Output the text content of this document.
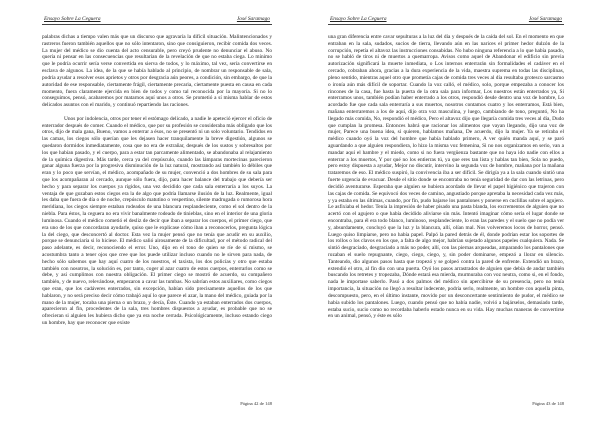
Ensayo Sobre La Ceguera	José Saramago

palabras dichas a tiempo valen más que un discurso que agravaría la difícil situación. Malintencionados y rastreros fueron también aquellos que no sólo intentaron, sino que consiguieron, recibir comida dos veces. La mujer del médico se dio cuenta del acto censurable, pero creyó prudente no denunciar el abuso. No quería ni pensar en las consecuencias que resultarían de la revelación de que no estaba ciega. Lo mínimo que le podría ocurrir sería verse convertida en sierva de todos, y lo máximo, tal vez, sería convertirse en esclava de algunos. La idea, de la que se había hablado al principio, de nombrar un responsable de sala, podría ayudar a resolver esos aprietos y otros por desgracia aún peores, a condición, sin embargo, de que la autoridad de ese responsable, ciertamente frágil, ciertamente precaria, ciertamente puesta en causa en cada momento, fuera claramente ejercida en bien de todos y como tal reconocida por la mayoría. Si no lo conseguimos, pensó, acabaremos por matarnos aquí unos a otros. Se prometió a sí misma hablar de estos delicados asuntos con el marido, y continuó repartiendo las raciones.

Unos por indolencia, otros por tener el estómago delicado, a nadie le apeteció ejercer el oficio de enterrador después de comer. Cuando el médico, que por su profesión se consideraba más obligado que los otros, dijo de mala gana, Bueno, vamos a enterrar a ésos, no se presentó ni un solo voluntario. Tendidos en las camas, los ciegos sólo querían que les dejasen hacer tranquilamente la breve digestión, algunos se quedaron dormidos inmediatamente, cosa que no era de extrañar, después de los sustos y sobresaltos por los que habían pasado, y el cuerpo, para a estar tan parcamente alimentado, se abandonaba al relajamiento de la química digestiva. Más tarde, cerca ya del crepúsculo, cuando las lámparas mortecinas parecieron ganar alguna fuerza por la progresiva disminución de la luz natural, mostrando así también lo débiles que eran y lo poco que servían, el médico, acompañado de su mujer, convenció a dos hombres de su sala para que los acompañaran al cercado, aunque sólo fuera, dijo, para hacer balance del trabajo que debería ser hecho y para separar los cuerpos ya rígidos, una vez decidido que cada sala enterraría a los suyos. La ventaja de que gozaban estos ciegos era la de algo que podría llamarse ilusión de la luz. Realmente, igual les daba que fuera de día o de noche, crepúsculo matutino o vespertino, silente madrugada o rumorosa hora meridiana, los ciegos siempre estaban rodeados de una blancura resplandeciente, como el sol dentro de la niebla. Para éstos, la ceguera no era vivir banalmente rodeado de tinieblas, sino en el interior de una gloria luminosa. Cuando el médico cometió el desliz de decir que iban a separar los cuerpos, el primer ciego, que era uno de los que concordaran ayudarle, quiso que le explicase cómo iban a reconocerlos, pregunta lógica la del ciego, que desconcertó al doctor. Esta vez la mujer pensó que no tenía que acudir en su auxilio, porque se denunciaría si lo hiciese. El médico salió airosamente de la dificultad, por el método radical del paso adelante, es decir, reconociendo el error. Uno, dijo en el tono de quien se ríe de sí mismo, se acostumbra tanto a tener ojos que cree que los puede utilizar incluso cuando no le sirven para nada, de hecho sólo sabemos que hay aquí cuatro de los nuestros, el taxista, los dos policías y otro que estaba también con nosotros, la solución es, por tanto, coger al azar cuatro de estos cuerpos, enterrarlos como se debe, y así cumplimos con nuestra obligación. El primer ciego se mostró de acuerdo, su compañero también, y de nuevo, relevándose, empezaron a cavar las tumbas. No sabrían estos auxiliares, como ciegos que eran, que los cadáveres enterrados, sin excepción, habían sido precisamente aquellos de los que hablaron, y no será preciso decir cómo trabajó aquí lo que parece el azar, la mano del médico, guiada por la mano de la mujer, tocaba una pierna o un brazo, y decía, Éste. Cuando ya estaban enterrados dos cuerpos, aparecieron al fin, procedentes de la sala, tres hombres dispuestos a ayudar, es probable que no se ofrecieran si alguien les hubiera dicho que ya era noche cerrada. Psicológicamente, incluso estando ciego un hombre, hay que reconocer que existe

Página 42 de 148
Ensayo Sobre La Ceguera	José Saramago

una gran diferencia entre cavar sepulturas a la luz del día y después de la caída del sol. En el momento en que entraban en la sala, sudados, sucios de tierra, llevando aún en las narices el primer hedor dulzón de la corrupción, repetía el altavoz las instrucciones consabidas. No hubo ninguna referencia a lo que había pasado, no se habló de tiros ni de muertos a quemarropa. Avisos como aquel de Abandonar el edificio sin previa autorización significará la muerte inmediata, o Los internos enterrarán sin formalidades el cadáver en el cercado, cobraban ahora, gracias a la dura experiencia de la vida, maestra suprema en todas las disciplinas, pleno sentido, mientras aquel otro que prometía cajas de comida tres veces al día resultaba grotesco sarcasmo o ironía aún más difícil de soportar. Cuando la voz calló, el médico, solo, porque empezaba a conocer los rincones de la casa, fue hasta la puerta de la otra sala para informar, Los nuestros están enterrados ya, Sí enterramos unos, también podían haber enterrado a los otros, respondió desde dentro una voz de hombre, Lo acordado fue que cada sala enterraría a sus muertos, nosotros contamos cuatro y los enterramos, Está bien, mañana enterraremos a los de aquí, dijo otra voz masculina, y luego, cambiando de tono, preguntó, No ha llegado más comida, No, respondió el médico, Pero el altavoz dijo que llegaría comida tres veces al día, Dudo que cumplan la promesa. Entonces habrá que racionar los alimentos que vayan llegando, dijo una voz de mujer, Parece una buena idea, si quieren, hablamos mañana, De acuerdo, dijo la mujer. Ya se retiraba el médico cuando oyó la voz del hombre que había hablado primero, A ver quién manda aquí, y se paró aguardando a que alguien respondiera, lo hizo la misma voz femenina, Si no nos organizamos en serio, van a mandar aquí el hambre y el miedo, como si no fuera vergüenza bastante que no haya ido nadie con ellos a enterrar a los muertos, Y por qué no los entierras tú, ya que eres tan lista y hablas tan bien, Sola no puedo, pero estoy dispuesta a ayudar, Mejor no discutir, intervino la segunda voz de hombre, mañana por la mañana trataremos de eso. El médico suspiró, la convivencia iba a ser difícil. Se dirigía ya a la sala cuando sintió una fuerte urgencia de evacuar. Desde el sitio donde se encontraba no tenía seguridad de dar con las letrinas, pero decidió aventurarse. Esperaba que alguien se hubiera acordado de llevar el papel higiénico que trajeron con las cajas de comida. Se equivocó dos veces de camino, angustiado porque apretaba la necesidad cada vez más, y ya estaba en las últimas, cuando, por fin, pudo bajarse los pantalones y ponerse en cuclillas sobre el agujero. Le asfixiaba el hedor. Tenía la impresión de haber pisado una pasta blanda, los excrementos de alguien que no acertó con el agujero o que había decidido aliviarse sin más. Intentó imaginar cómo sería el lugar donde se encontraba, para él era todo blanco, luminoso, resplandeciente, lo eran las paredes y el suelo que no podía ver y, absurdamente, concluyó que la luz y la blancura, allí, olían mal. Nos volveremos locos de horror, pensó. Luego quiso limpiarse, pero no había papel. Palpó la pared detrás de él, donde podrían estar los soportes de los rollos o los clavos en los que, a falta de algo mejor, habrían sujetado algunos papeles cualquiera. Nada. Se sintió desgraciado, desgraciado a más no poder, allí, con las piernas arqueadas, amparando los pantalones que rozaban el suelo repugnante, ciego, ciego, ciego, y, sin poder dominarse, empezó a llorar en silencio. Tanteando, dio algunos pasos hasta que tropezó y se golpeó contra la pared de enfrente. Extendió un brazo, extendió el otro, al fin dio con una puerta. Oyó los pasos arrastrados de alguien que debía de andar también buscando los retretes y tropezaba, Dónde estará esa mierda, murmuraba con voz neutra, como si, en el fondo, nada le importase saberlo. Pasó a dos palmos del médico sin apercibirse de su presencia, pero no tenía importancia, la situación no llegó a resultar indecente, podría serlo, realmente, un hombre con aquella pinta, descompuesto, pero, en el último instante, movido por un desconcertante sentimiento de pudor, el médico se había subido los pantalones. Luego, cuando pensó que no había nadie, volvió a bajárselos, demasiado tarde, estaba sucio, sucio como no recordaba haberlo estado nunca en su vida. Hay muchas maneras de convertirse en un animal, pensó, y éste es sólo

Página 43 de 148
